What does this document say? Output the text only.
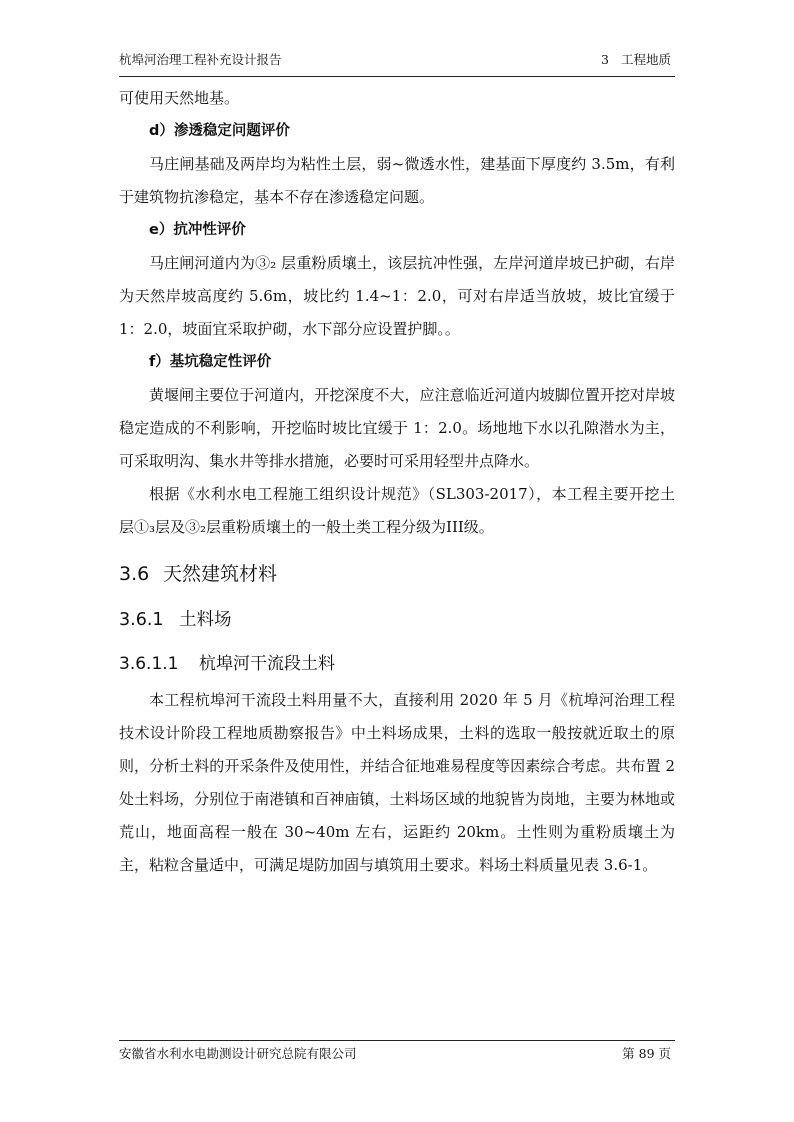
杭埠河治理工程补充设计报告	3 工程地质

可使用天然地基。

d）渗透稳定问题评价

马庄闸基础及两岸均为粘性土层，弱~微透水性，建基面下厚度约 3.5m，有利于建筑物抗渗稳定，基本不存在渗透稳定问题。

e）抗冲性评价

马庄闸河道内为③₂ 层重粉质壤土，该层抗冲性强，左岸河道岸坡已护砌，右岸为天然岸坡高度约 5.6m，坡比约 1.4~1：2.0，可对右岸适当放坡，坡比宜缓于 1：2.0，坡面宜采取护砌，水下部分应设置护脚。。

f）基坑稳定性评价

黄堰闸主要位于河道内，开挖深度不大，应注意临近河道内坡脚位置开挖对岸坡稳定造成的不利影响，开挖临时坡比宜缓于 1：2.0。场地地下水以孔隙潜水为主，可采取明沟、集水井等排水措施，必要时可采用轻型井点降水。

根据《水利水电工程施工组织设计规范》（SL303-2017），本工程主要开挖土层①₃层及③₂层重粉质壤土的一般土类工程分级为III级。

3.6 天然建筑材料
3.6.1 土料场
3.6.1.1 杭埠河干流段土料

本工程杭埠河干流段土料用量不大，直接利用 2020 年 5 月《杭埠河治理工程技术设计阶段工程地质勘察报告》中土料场成果，土料的选取一般按就近取土的原则，分析土料的开采条件及使用性，并结合征地难易程度等因素综合考虑。共布置 2 处土料场，分别位于南港镇和百神庙镇，土料场区域的地貌皆为岗地，主要为林地或荒山，地面高程一般在 30~40m 左右，运距约 20km。土性则为重粉质壤土为主，粘粒含量适中，可满足堤防加固与填筑用土要求。料场土料质量见表 3.6-1。

安徽省水利水电勘测设计研究总院有限公司	第 89 页
